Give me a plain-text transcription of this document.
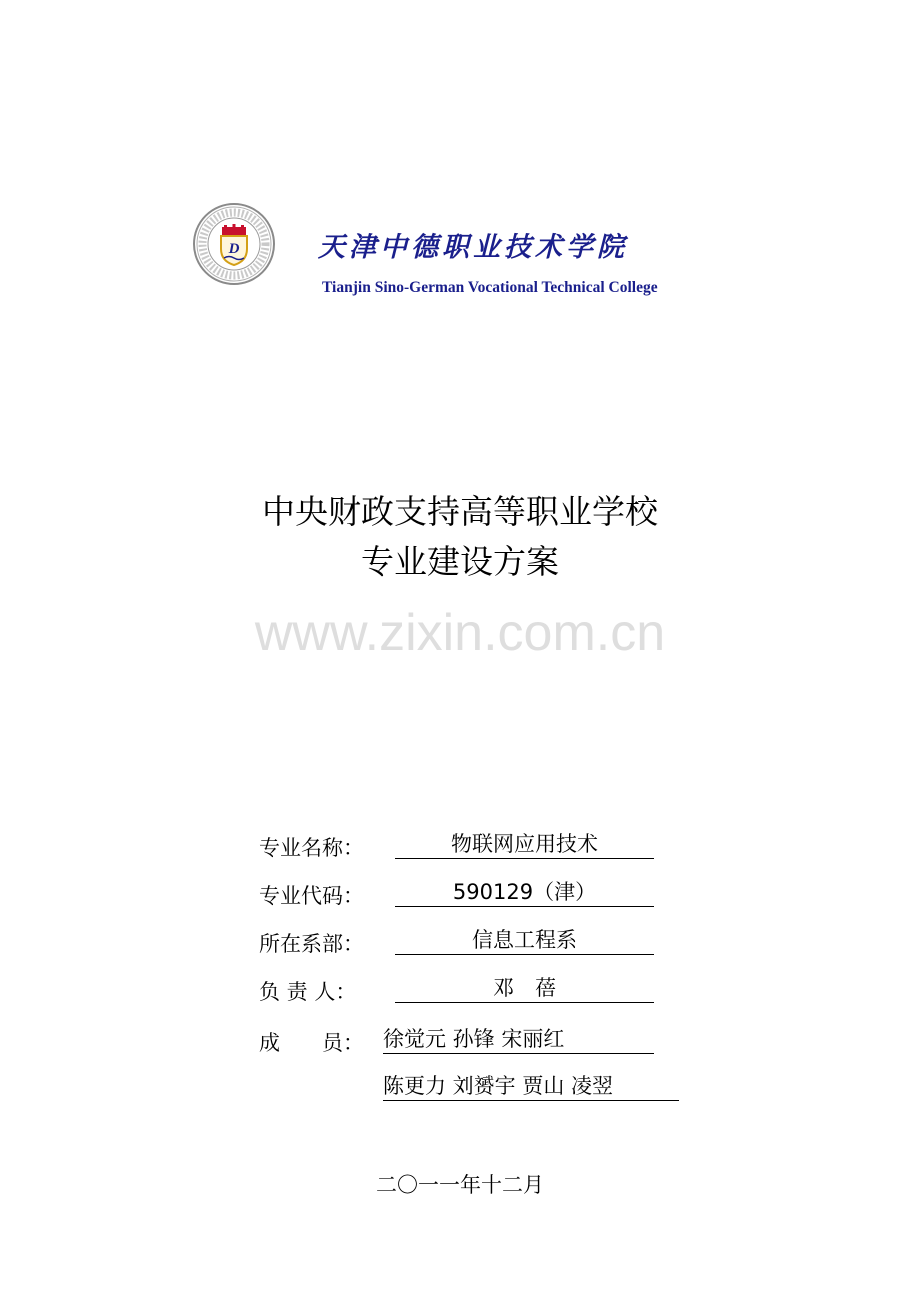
D	天津中德职业技术学院
Tianjin Sino-German Vocational Technical College
中央财政支持高等职业学校
专业建设方案
www.zixin.com.cn
专业名称：	物联网应用技术
专业代码：	590129（津）
所在系部：	信息工程系
负 责 人：	邓　蓓
成　　员： 徐觉元 孙锋 宋丽红
陈更力 刘赟宇 贾山 凌翌
二〇一一年十二月
